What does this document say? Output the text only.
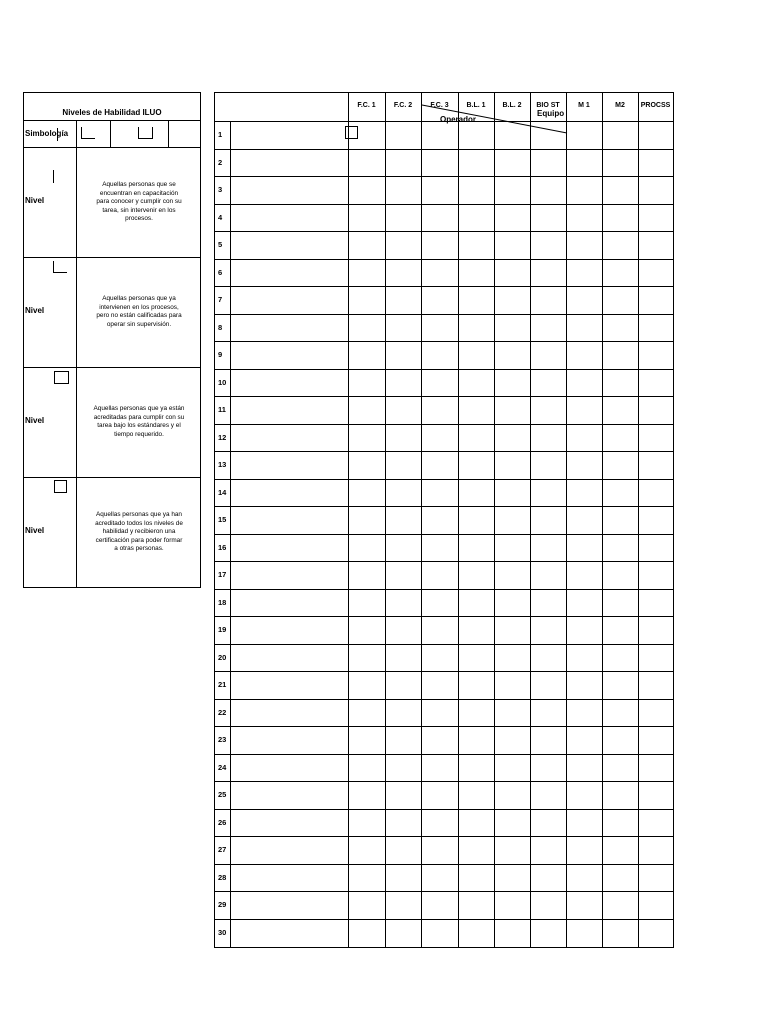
Niveles de Habilidad ILUO
Simbología
Nivel
Aquellas personas que se
encuentran en capacitación
para conocer y cumplir con su
tarea, sin intervenir en los
procesos.
Nivel
Aquellas personas que ya
intervienen en los procesos,
pero no están calificadas para
operar sin supervisión.
Nivel
Aquellas personas que ya están
acreditadas para cumplir con su
tarea bajo los estándares y el
tiempo requerido.
Nivel
Aquellas personas que ya han
acreditado todos los niveles de
habilidad y recibieron una
certificación para poder formar
a otras personas.
Operador
Equipo
F.C. 1	F.C. 2	F.C. 3	B.L. 1	B.L. 2	BIO ST	M 1	M2	PROCSS
1
2
3
4
5
6
7
8
9
10
11
12
13
14
15
16
17
18
19
20
21
22
23
24
25
26
27
28
29
30
